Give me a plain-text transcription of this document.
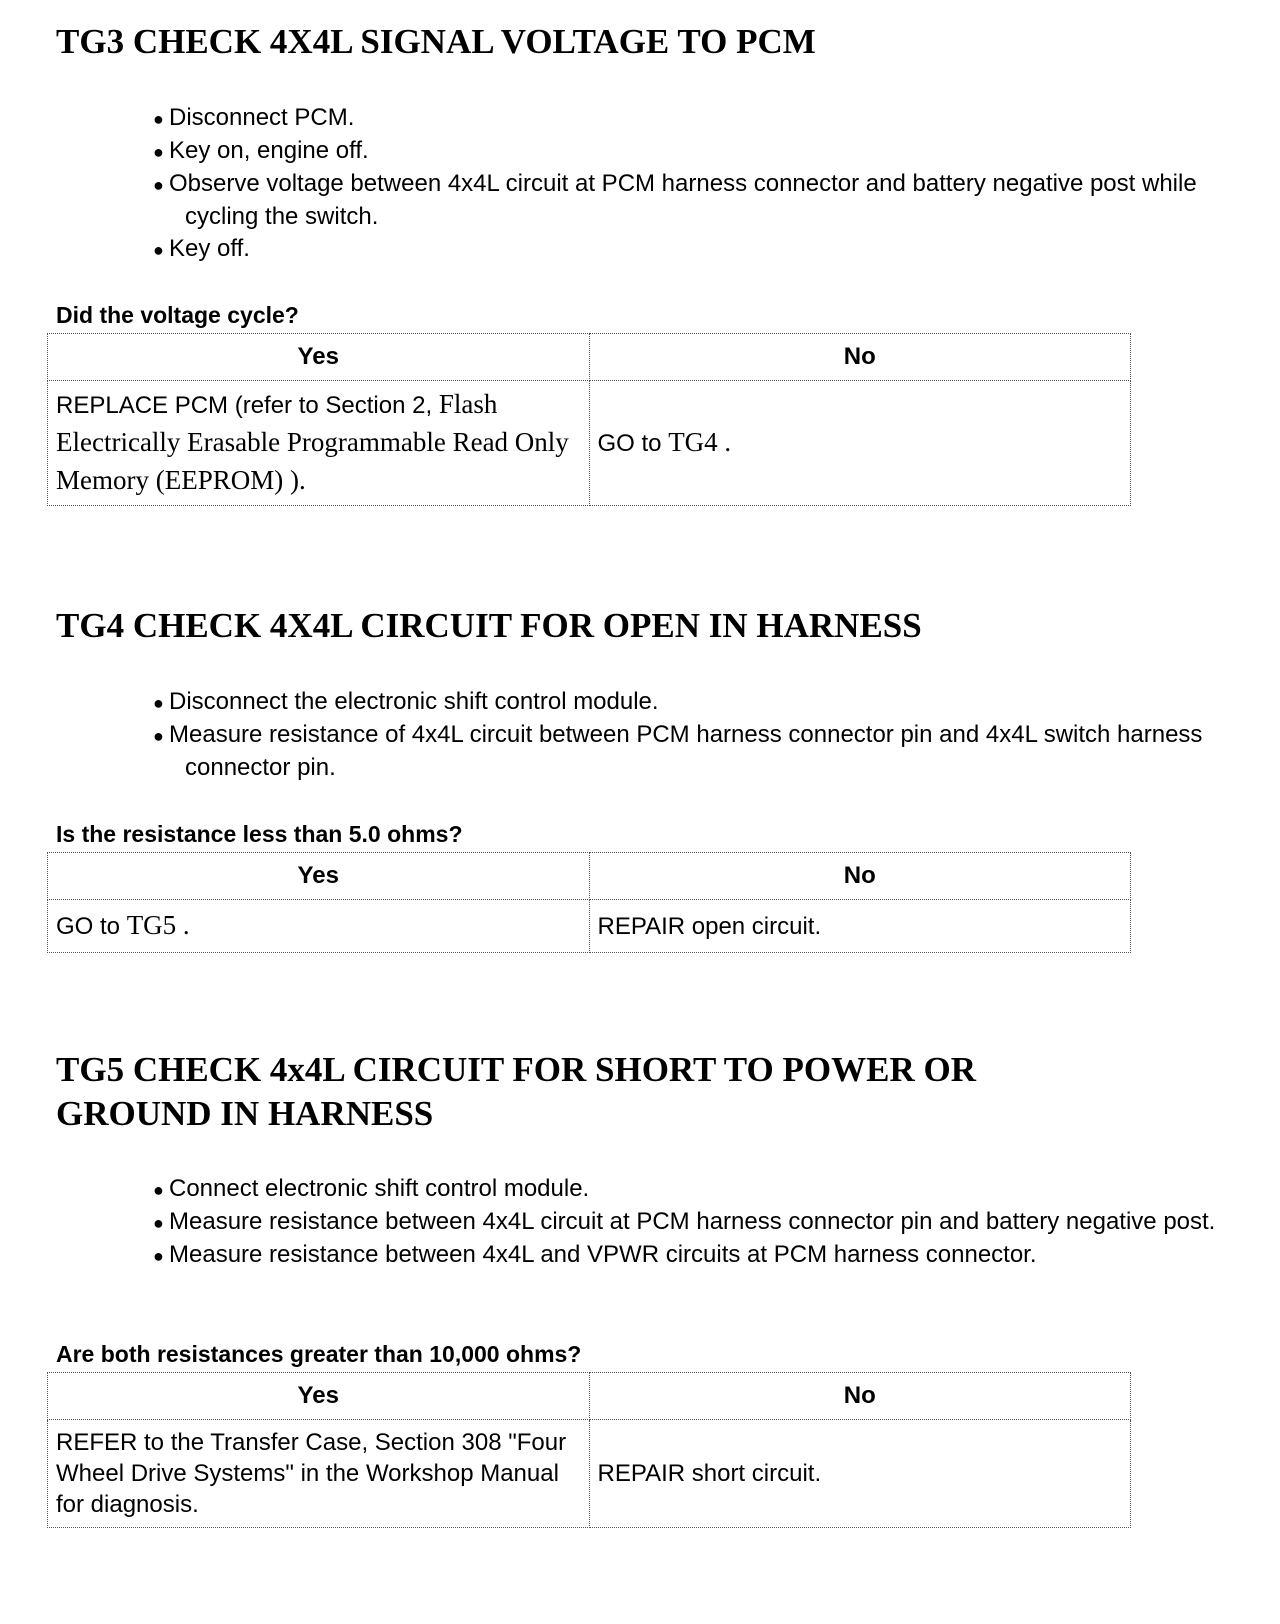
TG3 CHECK 4X4L SIGNAL VOLTAGE TO PCM
● Disconnect PCM.
● Key on, engine off.
● Observe voltage between 4x4L circuit at PCM harness connector and battery negative post while cycling the switch.
● Key off.
Did the voltage cycle?
Yes	No
REPLACE PCM (refer to Section 2, Flash Electrically Erasable Programmable Read Only Memory (EEPROM) ).	GO to TG4 .
TG4 CHECK 4X4L CIRCUIT FOR OPEN IN HARNESS
● Disconnect the electronic shift control module.
● Measure resistance of 4x4L circuit between PCM harness connector pin and 4x4L switch harness connector pin.
Is the resistance less than 5.0 ohms?
Yes	No
GO to TG5 .	REPAIR open circuit.
TG5 CHECK 4x4L CIRCUIT FOR SHORT TO POWER OR GROUND IN HARNESS
● Connect electronic shift control module.
● Measure resistance between 4x4L circuit at PCM harness connector pin and battery negative post.
● Measure resistance between 4x4L and VPWR circuits at PCM harness connector.
Are both resistances greater than 10,000 ohms?
Yes	No
REFER to the Transfer Case, Section 308 "Four Wheel Drive Systems" in the Workshop Manual for diagnosis.	REPAIR short circuit.
